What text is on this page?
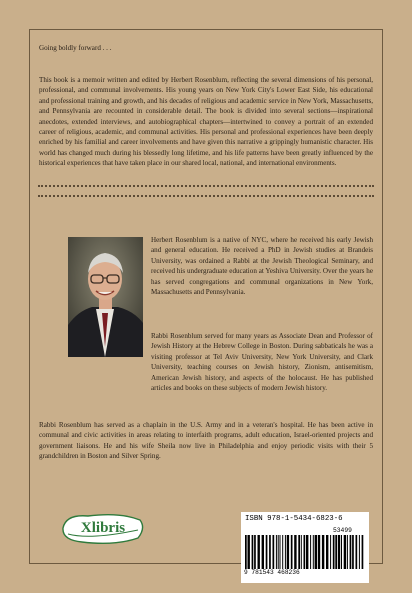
Going boldly forward . . .
This book is a memoir written and edited by Herbert Rosenblum, reflecting the several dimensions of his personal, professional, and communal involvements. His young years on New York City's Lower East Side, his educational and professional training and growth, and his decades of religious and academic service in New York, Massachusetts, and Pennsylvania are recounted in considerable detail. The book is divided into several sections—inspirational anecdotes, extended interviews, and autobiographical chapters—intertwined to convey a portrait of an extended career of religious, academic, and communal activities. His personal and professional experiences have been deeply enriched by his familial and career involvements and have given this narrative a grippingly humanistic character. His world has changed much during his blessedly long lifetime, and his life patterns have been greatly influenced by the historical experiences that have taken place in our shared local, national, and international environments.
Herbert Rosenblum is a native of NYC, where he received his early Jewish and general education. He received a PhD in Jewish studies at Brandeis University, was ordained a Rabbi at the Jewish Theological Seminary, and received his undergraduate education at Yeshiva University. Over the years he has served congregations and communal organizations in New York, Massachusetts and Pennsylvania.
Rabbi Rosenblum served for many years as Associate Dean and Professor of Jewish History at the Hebrew College in Boston. During sabbaticals he was a visiting professor at Tel Aviv University, New York University, and Clark University, teaching courses on Jewish history, Zionism, antisemitism, American Jewish history, and aspects of the holocaust. He has published articles and books on these subjects of modern Jewish history.
Rabbi Rosenblum has served as a chaplain in the U.S. Army and in a veteran's hospital. He has been active in communal and civic activities in areas relating to interfaith programs, adult education, Israel-oriented projects and government liaisons. He and his wife Sheila now live in Philadelphia and enjoy periodic visits with their 5 grandchildren in Boston and Silver Spring.
Xlibris
ISBN 978-1-5434-6823-6
53499
9 781543 468236
